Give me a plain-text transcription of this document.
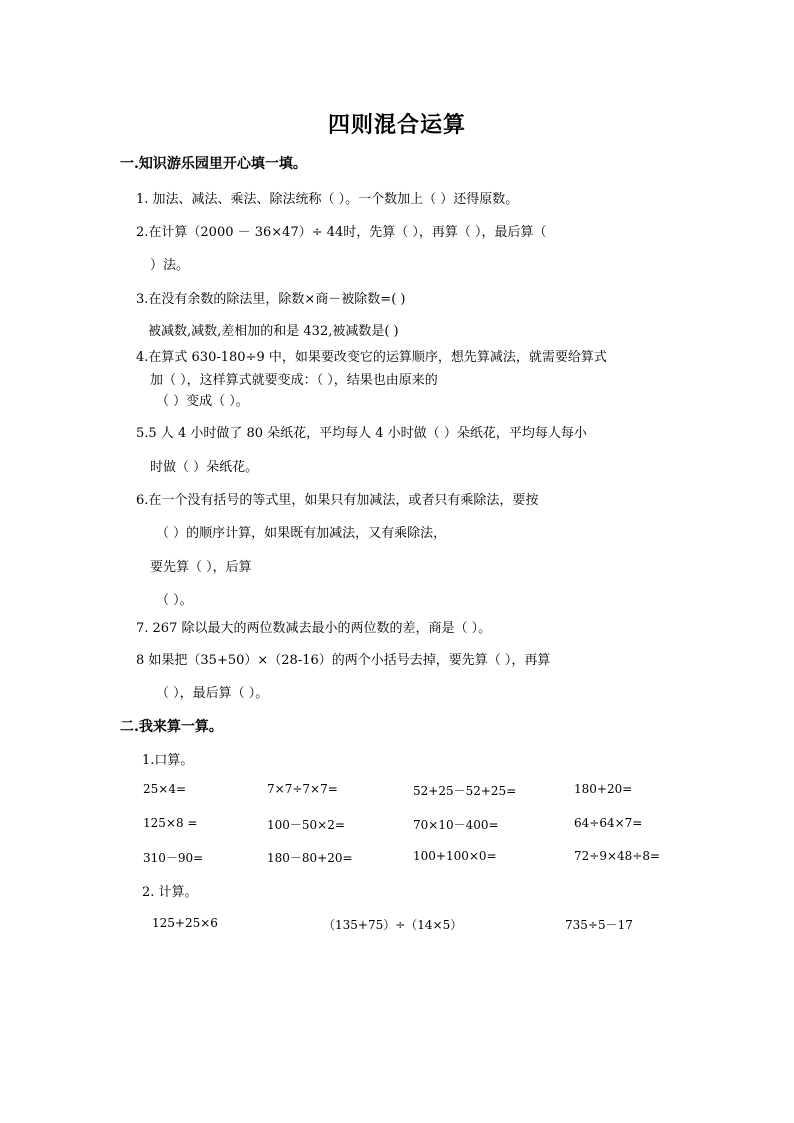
四则混合运算
一.知识游乐园里开心填一填。
1. 加法、减法、乘法、除法统称（ ）。一个数加上（ ）还得原数。
2.在计算（2000 － 36×47）÷ 44时，先算（ ），再算（ ），最后算（
）法。
3.在没有余数的除法里，除数×商－被除数=( )
被减数,减数,差相加的和是 432,被减数是( )
4.在算式 630-180÷9 中，如果要改变它的运算顺序，想先算减法，就需要给算式
加（ ），这样算式就要变成：（ ），结果也由原来的
（ ）变成（ ）。
5.5 人 4 小时做了 80 朵纸花，平均每人 4 小时做（ ）朵纸花，平均每人每小
时做（ ）朵纸花。
6.在一个没有括号的等式里，如果只有加减法，或者只有乘除法，要按
（ ）的顺序计算，如果既有加减法，又有乘除法，
要先算（ ），后算
（ ）。
7. 267 除以最大的两位数减去最小的两位数的差，商是（ ）。
8 如果把（35+50）×（28-16）的两个小括号去掉，要先算（ ），再算
（ ），最后算（ ）。
二.我来算一算。
1.口算。
25×4=	7×7÷7×7=	52+25－52+25=	180+20=
125×8 =	100－50×2=	70×10－400=	64÷64×7=
310－90=	180－80+20=	100+100×0=	72÷9×48÷8=
2. 计算。
125+25×6	（135+75）÷（14×5）	735÷5－17
